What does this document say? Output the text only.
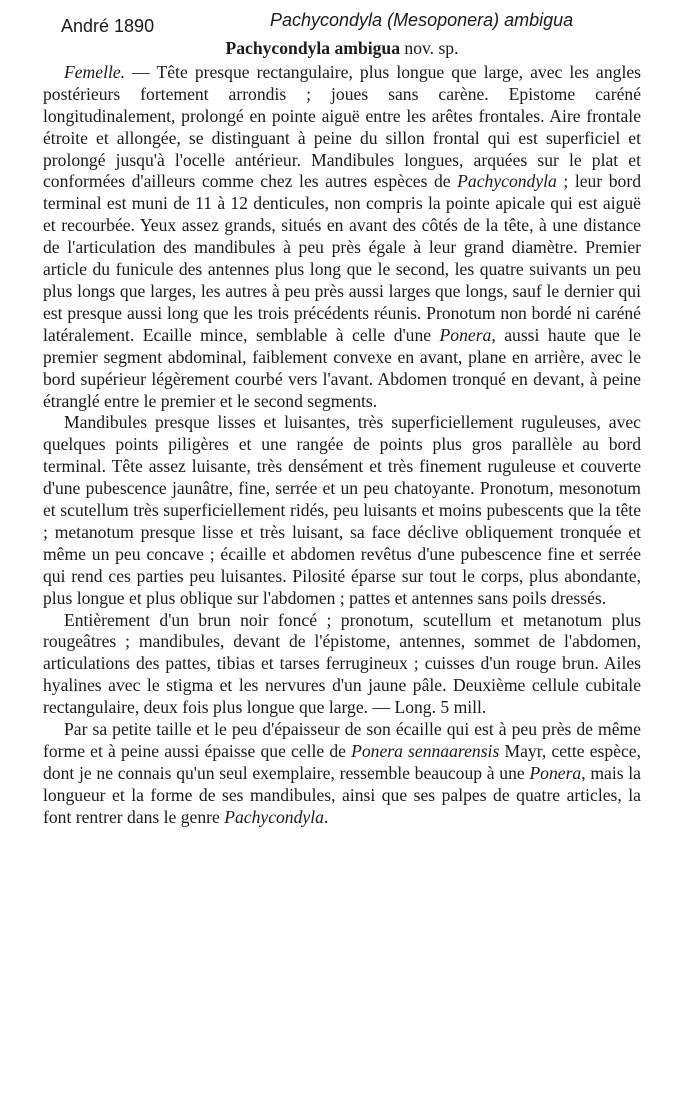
André 1890	Pachycondyla (Mesoponera) ambigua
Pachycondyla ambigua nov. sp.

Femelle. — Tête presque rectangulaire, plus longue que large, avec les angles postérieurs fortement arrondis ; joues sans carène. Epistome caréné longitudinalement, prolongé en pointe aiguë entre les arêtes frontales. Aire frontale étroite et allongée, se distinguant à peine du sillon frontal qui est superficiel et prolongé jusqu'à l'ocelle antérieur. Mandibules longues, arquées sur le plat et conformées d'ailleurs comme chez les autres espèces de Pachycondyla ; leur bord terminal est muni de 11 à 12 denticules, non compris la pointe apicale qui est aiguë et recourbée. Yeux assez grands, situés en avant des côtés de la tête, à une distance de l'articulation des mandibules à peu près égale à leur grand diamètre. Premier article du funicule des antennes plus long que le second, les quatre suivants un peu plus longs que larges, les autres à peu près aussi larges que longs, sauf le dernier qui est presque aussi long que les trois précédents réunis. Pronotum non bordé ni caréné latéralement. Ecaille mince, semblable à celle d'une Ponera, aussi haute que le premier segment abdominal, faiblement convexe en avant, plane en arrière, avec le bord supérieur légèrement courbé vers l'avant. Abdomen tronqué en devant, à peine étranglé entre le premier et le second segments.

Mandibules presque lisses et luisantes, très superficiellement ruguleuses, avec quelques points piligères et une rangée de points plus gros parallèle au bord terminal. Tête assez luisante, très densément et très finement ruguleuse et couverte d'une pubescence jaunâtre, fine, serrée et un peu chatoyante. Pronotum, mesonotum et scutellum très superficiellement ridés, peu luisants et moins pubescents que la tête ; metanotum presque lisse et très luisant, sa face déclive obliquement tronquée et même un peu concave ; écaille et abdomen revêtus d'une pubescence fine et serrée qui rend ces parties peu luisantes. Pilosité éparse sur tout le corps, plus abondante, plus longue et plus oblique sur l'abdomen ; pattes et antennes sans poils dressés.

Entièrement d'un brun noir foncé ; pronotum, scutellum et metanotum plus rougeâtres ; mandibules, devant de l'épistome, antennes, sommet de l'abdomen, articulations des pattes, tibias et tarses ferrugineux ; cuisses d'un rouge brun. Ailes hyalines avec le stigma et les nervures d'un jaune pâle. Deuxième cellule cubitale rectangulaire, deux fois plus longue que large. — Long. 5 mill.

Par sa petite taille et le peu d'épaisseur de son écaille qui est à peu près de même forme et à peine aussi épaisse que celle de Ponera sennaarensis Mayr, cette espèce, dont je ne connais qu'un seul exemplaire, ressemble beaucoup à une Ponera, mais la longueur et la forme de ses mandibules, ainsi que ses palpes de quatre articles, la font rentrer dans le genre Pachycondyla.
